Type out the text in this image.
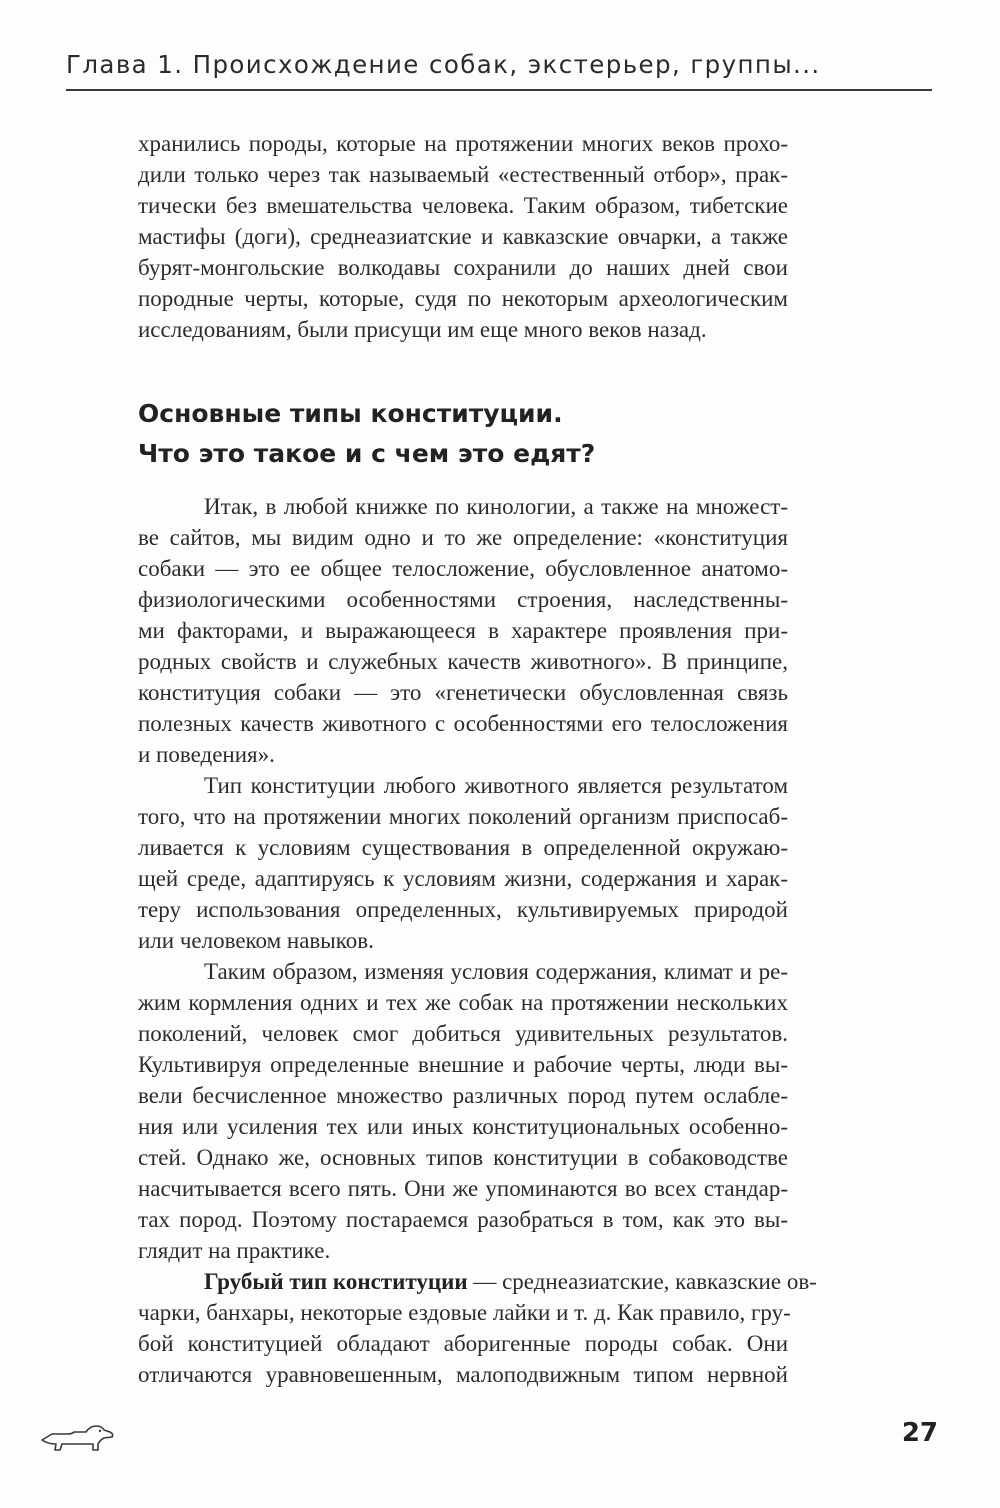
Глава 1. Происхождение собак, экстерьер, группы...
хранились породы, которые на протяжении многих веков прохо-
дили только через так называемый «естественный отбор», прак-
тически без вмешательства человека. Таким образом, тибетские
мастифы (доги), среднеазиатские и кавказские овчарки, а также
бурят-монгольские волкодавы сохранили до наших дней свои
породные черты, которые, судя по некоторым археологическим
исследованиям, были присущи им еще много веков назад.
Основные типы конституции.
Что это такое и с чем это едят?
Итак, в любой книжке по кинологии, а также на множест-
ве сайтов, мы видим одно и то же определение: «конституция
собаки — это ее общее телосложение, обусловленное анатомо-
физиологическими особенностями строения, наследственны-
ми факторами, и выражающееся в характере проявления при-
родных свойств и служебных качеств животного». В принципе,
конституция собаки — это «генетически обусловленная связь
полезных качеств животного с особенностями его телосложения
и поведения».
Тип конституции любого животного является результатом
того, что на протяжении многих поколений организм приспосаб-
ливается к условиям существования в определенной окружаю-
щей среде, адаптируясь к условиям жизни, содержания и харак-
теру использования определенных, культивируемых природой
или человеком навыков.
Таким образом, изменяя условия содержания, климат и ре-
жим кормления одних и тех же собак на протяжении нескольких
поколений, человек смог добиться удивительных результатов.
Культивируя определенные внешние и рабочие черты, люди вы-
вели бесчисленное множество различных пород путем ослабле-
ния или усиления тех или иных конституциональных особенно-
стей. Однако же, основных типов конституции в собаководстве
насчитывается всего пять. Они же упоминаются во всех стандар-
тах пород. Поэтому постараемся разобраться в том, как это вы-
глядит на практике.
Грубый тип конституции — среднеазиатские, кавказские ов-
чарки, банхары, некоторые ездовые лайки и т. д. Как правило, гру-
бой конституцией обладают аборигенные породы собак. Они
отличаются уравновешенным, малоподвижным типом нервной
27
